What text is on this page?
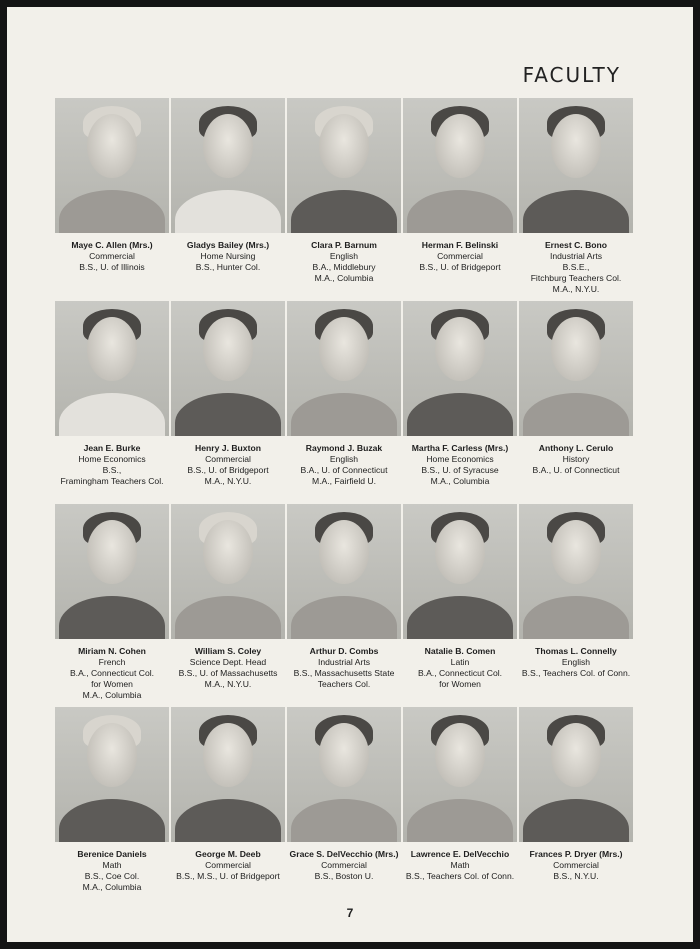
FACULTY
Maye C. Allen (Mrs.)
Commercial
B.S., U. of Illinois
Gladys Bailey (Mrs.)
Home Nursing
B.S., Hunter Col.
Clara P. Barnum
English
B.A., Middlebury
M.A., Columbia
Herman F. Belinski
Commercial
B.S., U. of Bridgeport
Ernest C. Bono
Industrial Arts
B.S.E.,
Fitchburg Teachers Col.
M.A., N.Y.U.
Jean E. Burke
Home Economics
B.S.,
Framingham Teachers Col.
Henry J. Buxton
Commercial
B.S., U. of Bridgeport
M.A., N.Y.U.
Raymond J. Buzak
English
B.A., U. of Connecticut
M.A., Fairfield U.
Martha F. Carless (Mrs.)
Home Economics
B.S., U. of Syracuse
M.A., Columbia
Anthony L. Cerulo
History
B.A., U. of Connecticut
Miriam N. Cohen
French
B.A., Connecticut Col.
for Women
M.A., Columbia
William S. Coley
Science Dept. Head
B.S., U. of Massachusetts
M.A., N.Y.U.
Arthur D. Combs
Industrial Arts
B.S., Massachusetts State
Teachers Col.
Natalie B. Comen
Latin
B.A., Connecticut Col.
for Women
Thomas L. Connelly
English
B.S., Teachers Col. of Conn.
Berenice Daniels
Math
B.S., Coe Col.
M.A., Columbia
George M. Deeb
Commercial
B.S., M.S., U. of Bridgeport
Grace S. DelVecchio (Mrs.)
Commercial
B.S., Boston U.
Lawrence E. DelVecchio
Math
B.S., Teachers Col. of Conn.
Frances P. Dryer (Mrs.)
Commercial
B.S., N.Y.U.
7
